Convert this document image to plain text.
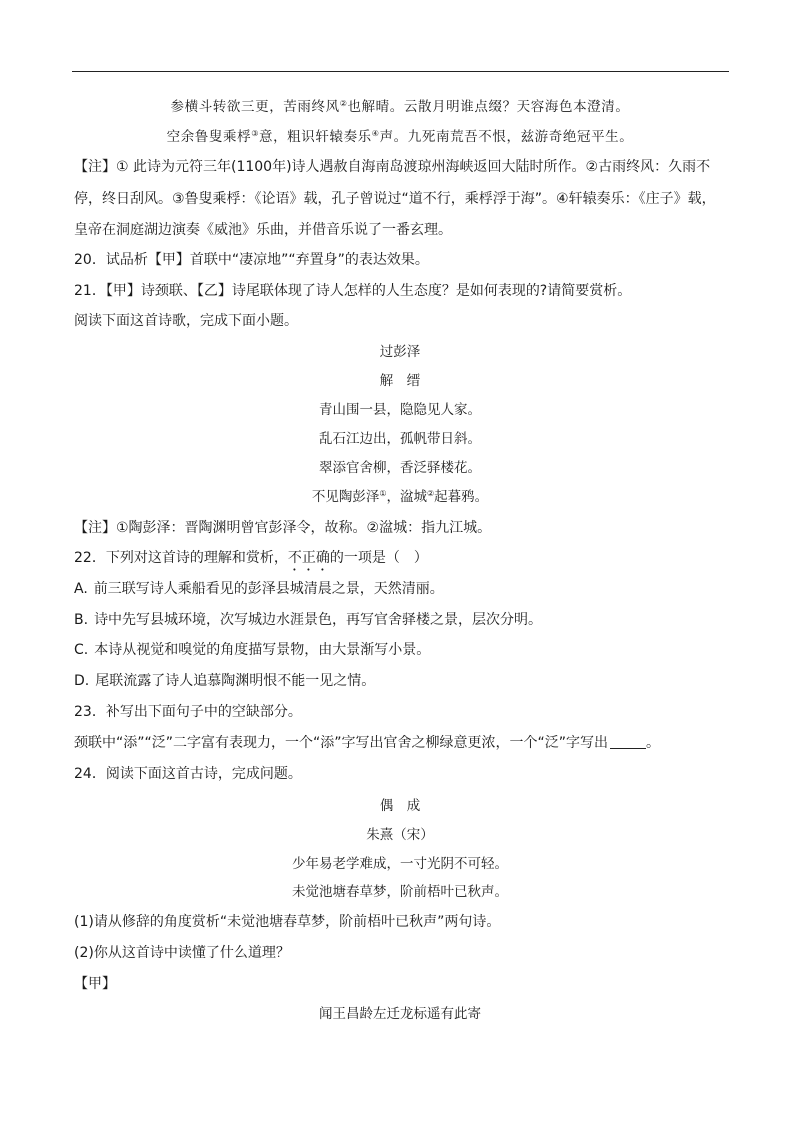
参横斗转欲三更，苦雨终风②也解晴。云散月明谁点缀？天容海色本澄清。
空余鲁叟乘桴③意，粗识轩辕奏乐④声。九死南荒吾不恨，兹游奇绝冠平生。
【注】① 此诗为元符三年(1100年)诗人遇赦自海南岛渡琼州海峡返回大陆时所作。②古雨终风：久雨不
停，终日刮风。③鲁叟乘桴：《论语》载，孔子曾说过“道不行，乘桴浮于海”。④轩辕奏乐：《庄子》载，
皇帝在洞庭湖边演奏《威池》乐曲，并借音乐说了一番玄理。
20．试品析【甲】首联中“凄凉地”“弃置身”的表达效果。
21．【甲】诗颈联、【乙】诗尾联体现了诗人怎样的人生态度？是如何表现的?请简要赏析。
阅读下面这首诗歌，完成下面小题。
过彭泽
解　缙
青山围一县，隐隐见人家。
乱石江边出，孤帆带日斜。
翠添官舍柳，香泛驿楼花。
不见陶彭泽①，湓城②起暮鸦。
【注】①陶彭泽：晋陶渊明曾官彭泽令，故称。②湓城：指九江城。
22．下列对这首诗的理解和赏析，不正确的一项是（　）
A. 前三联写诗人乘船看见的彭泽县城清晨之景，天然清丽。
B. 诗中先写县城环境，次写城边水涯景色，再写官舍驿楼之景，层次分明。
C. 本诗从视觉和嗅觉的角度描写景物，由大景渐写小景。
D. 尾联流露了诗人追慕陶渊明恨不能一见之情。
23．补写出下面句子中的空缺部分。
颈联中“添”“泛”二字富有表现力，一个“添”字写出官舍之柳绿意更浓，一个“泛”字写出	。
24．阅读下面这首古诗，完成问题。
偶　成
朱熹（宋）
少年易老学难成，一寸光阴不可轻。
未觉池塘春草梦，阶前梧叶已秋声。
(1)请从修辞的角度赏析“未觉池塘春草梦，阶前梧叶已秋声”两句诗。
(2)你从这首诗中读懂了什么道理？
【甲】
闻王昌龄左迁龙标遥有此寄
